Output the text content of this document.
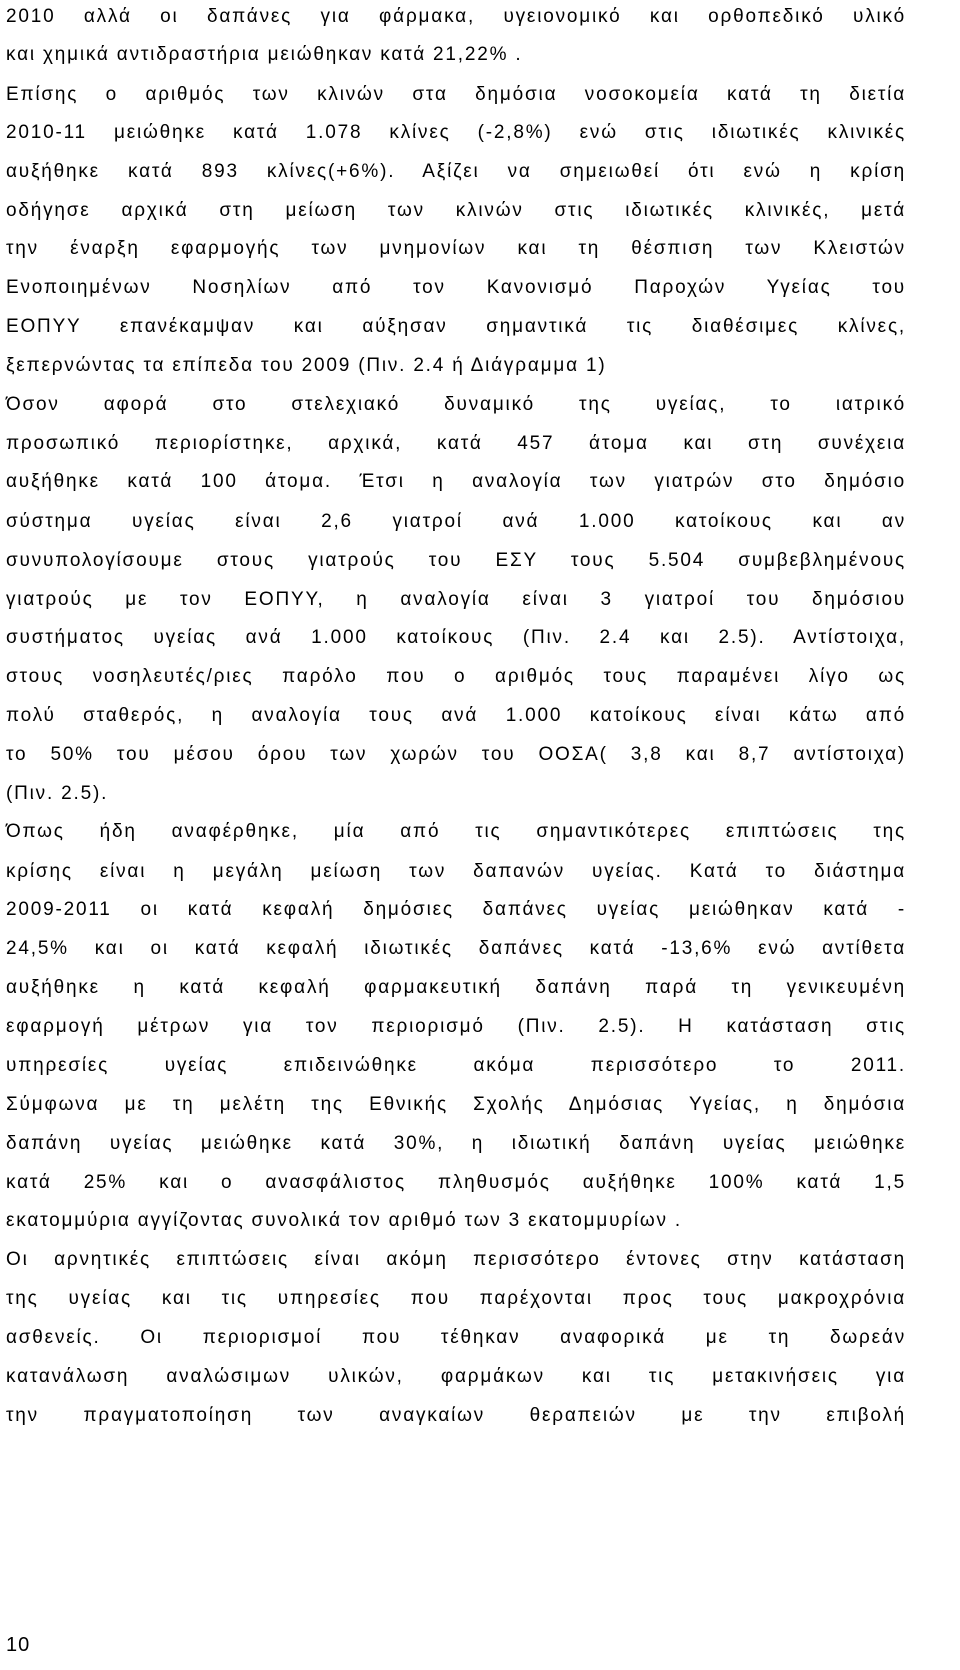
2010 αλλά οι δαπάνες για φάρμακα, υγειονομικό και ορθοπεδικό υλικό
και χημικά αντιδραστήρια μειώθηκαν κατά 21,22% .
Επίσης ο αριθμός των κλινών στα δημόσια νοσοκομεία κατά τη διετία
2010-11 μειώθηκε κατά 1.078 κλίνες (-2,8%) ενώ στις ιδιωτικές κλινικές
αυξήθηκε κατά 893 κλίνες(+6%). Αξίζει να σημειωθεί ότι ενώ η κρίση
οδήγησε αρχικά στη μείωση των κλινών στις ιδιωτικές κλινικές, μετά
την έναρξη εφαρμογής των μνημονίων και τη θέσπιση των Κλειστών
Ενοποιημένων Νοσηλίων από τον Κανονισμό Παροχών Υγείας του
ΕΟΠΥΥ επανέκαμψαν και αύξησαν σημαντικά τις διαθέσιμες κλίνες,
ξεπερνώντας τα επίπεδα του 2009 (Πιν. 2.4 ή Διάγραμμα 1)
Όσον αφορά στο στελεχιακό δυναμικό της υγείας, το ιατρικό
προσωπικό περιορίστηκε, αρχικά, κατά 457 άτομα και στη συνέχεια
αυξήθηκε κατά 100 άτομα. Έτσι η αναλογία των γιατρών στο δημόσιο
σύστημα υγείας είναι 2,6 γιατροί ανά 1.000 κατοίκους και αν
συνυπολογίσουμε στους γιατρούς του ΕΣΥ τους 5.504 συμβεβλημένους
γιατρούς με τον ΕΟΠΥΥ, η αναλογία είναι 3 γιατροί του δημόσιου
συστήματος υγείας ανά 1.000 κατοίκους (Πιν. 2.4 και 2.5). Αντίστοιχα,
στους νοσηλευτές/ριες παρόλο που ο αριθμός τους παραμένει λίγο ως
πολύ σταθερός, η αναλογία τους ανά 1.000 κατοίκους είναι κάτω από
το 50% του μέσου όρου των χωρών του ΟΟΣΑ( 3,8 και 8,7 αντίστοιχα)
(Πιν. 2.5).
Όπως ήδη αναφέρθηκε, μία από τις σημαντικότερες επιπτώσεις της
κρίσης είναι η μεγάλη μείωση των δαπανών υγείας. Κατά το διάστημα
2009-2011 οι κατά κεφαλή δημόσιες δαπάνες υγείας μειώθηκαν κατά -
24,5% και οι κατά κεφαλή ιδιωτικές δαπάνες κατά -13,6% ενώ αντίθετα
αυξήθηκε η κατά κεφαλή φαρμακευτική δαπάνη παρά τη γενικευμένη
εφαρμογή μέτρων για τον περιορισμό (Πιν. 2.5). Η κατάσταση στις
υπηρεσίες υγείας επιδεινώθηκε ακόμα περισσότερο το 2011.
Σύμφωνα με τη μελέτη της Εθνικής Σχολής Δημόσιας Υγείας, η δημόσια
δαπάνη υγείας μειώθηκε κατά 30%, η ιδιωτική δαπάνη υγείας μειώθηκε
κατά 25% και ο ανασφάλιστος πληθυσμός αυξήθηκε 100% κατά 1,5
εκατομμύρια αγγίζοντας συνολικά τον αριθμό των 3 εκατομμυρίων .
Οι αρνητικές επιπτώσεις είναι ακόμη περισσότερο έντονες στην κατάσταση
της υγείας και τις υπηρεσίες που παρέχονται προς τους μακροχρόνια
ασθενείς. Οι περιορισμοί που τέθηκαν αναφορικά με τη δωρεάν
κατανάλωση αναλώσιμων υλικών, φαρμάκων και τις μετακινήσεις για
την πραγματοποίηση των αναγκαίων θεραπειών με την επιβολή
10
